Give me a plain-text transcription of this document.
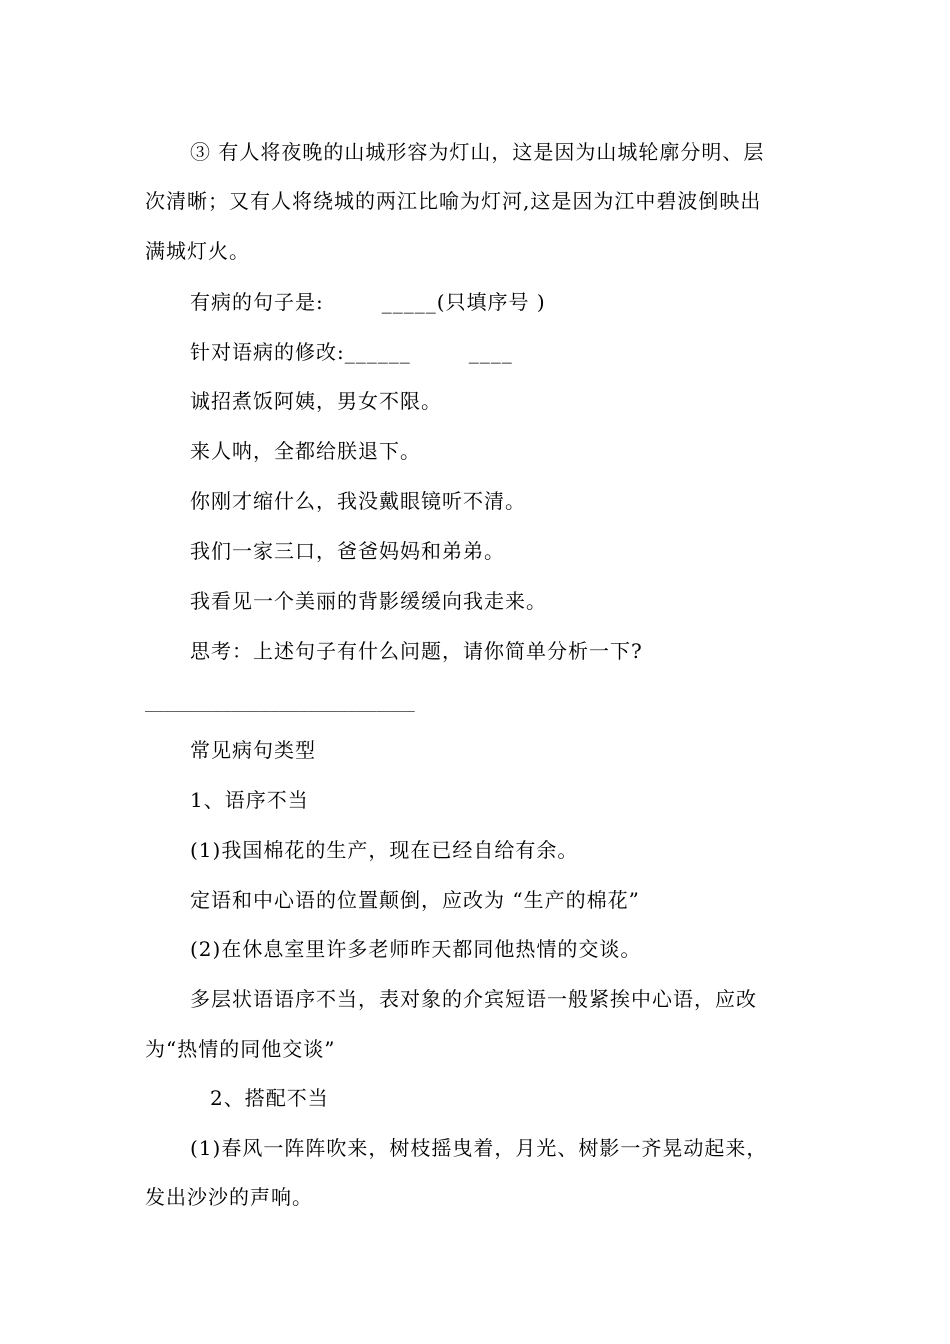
③ 有人将夜晚的山城形容为灯山，这是因为山城轮廓分明、层
次清晰；又有人将绕城的两江比喻为灯河,这是因为江中碧波倒映出
满城灯火。
有病的句子是:	_____(只填序号 )
针对语病的修改:______	____
诚招煮饭阿姨，男女不限。
来人呐，全都给朕退下。
你刚才缩什么，我没戴眼镜听不清。
我们一家三口，爸爸妈妈和弟弟。
我看见一个美丽的背影缓缓向我走来。
思考：上述句子有什么问题，请你简单分析一下?
____________________________
常见病句类型
1、语序不当
(1)我国棉花的生产，现在已经自给有余。
定语和中心语的位置颠倒，应改为 “生产的棉花”
(2)在休息室里许多老师昨天都同他热情的交谈。
多层状语语序不当，表对象的介宾短语一般紧挨中心语，应改
为“热情的同他交谈”
2、搭配不当
(1)春风一阵阵吹来，树枝摇曳着，月光、树影一齐晃动起来，
发出沙沙的声响。
